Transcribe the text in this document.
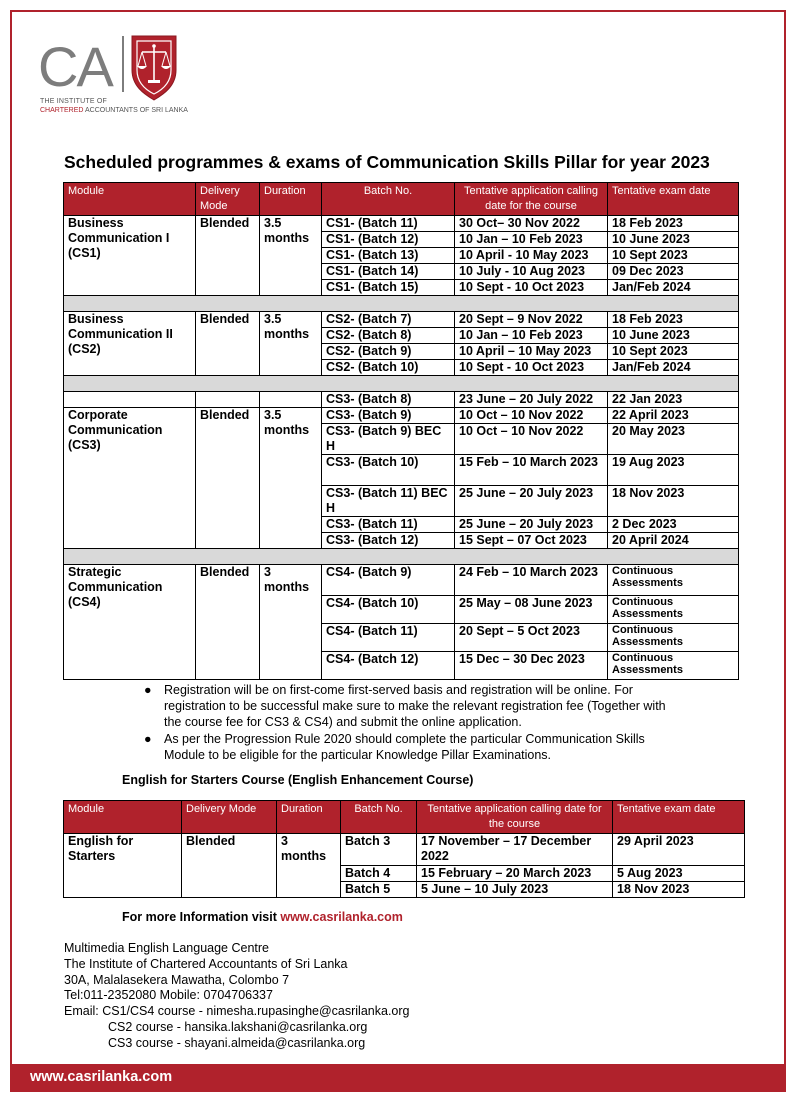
CA
THE INSTITUTE OF
CHARTERED ACCOUNTANTS OF SRI LANKA
Scheduled programmes & exams of Communication Skills Pillar for year 2023
Module	Delivery Mode	Duration	Batch No.	Tentative application calling date for the course	Tentative exam date
Business Communication I (CS1)	Blended	3.5 months	CS1- (Batch 11)	30 Oct– 30 Nov 2022	18 Feb 2023
			CS1- (Batch 12)	10 Jan – 10 Feb 2023	10 June 2023
			CS1- (Batch 13)	10 April - 10 May 2023	10 Sept 2023
			CS1- (Batch 14)	10 July - 10 Aug 2023	09 Dec 2023
			CS1- (Batch 15)	10 Sept - 10 Oct 2023	Jan/Feb 2024

Business Communication II (CS2)	Blended	3.5 months	CS2- (Batch 7)	20 Sept – 9 Nov 2022	18 Feb 2023
			CS2- (Batch 8)	10 Jan – 10 Feb 2023	10 June 2023
			CS2- (Batch 9)	10 April – 10 May 2023	10 Sept 2023
			CS2- (Batch 10)	10 Sept - 10 Oct 2023	Jan/Feb 2024

			CS3- (Batch 8)	23 June – 20 July 2022	22 Jan 2023
Corporate Communication (CS3)	Blended	3.5 months	CS3- (Batch 9)	10 Oct – 10 Nov 2022	22 April 2023
			CS3- (Batch 9) BEC H	10 Oct – 10 Nov 2022	20 May 2023
			CS3- (Batch 10)	15 Feb – 10 March 2023	19 Aug 2023
			CS3- (Batch 11) BEC H	25 June – 20 July 2023	18 Nov 2023
			CS3- (Batch 11)	25 June – 20 July 2023	2 Dec 2023
			CS3- (Batch 12)	15 Sept – 07 Oct 2023	20 April 2024

Strategic Communication (CS4)	Blended	3 months	CS4- (Batch 9)	24 Feb – 10 March 2023	Continuous Assessments
			CS4- (Batch 10)	25 May – 08 June 2023	Continuous Assessments
			CS4- (Batch 11)	20 Sept – 5 Oct 2023	Continuous Assessments
			CS4- (Batch 12)	15 Dec – 30 Dec 2023	Continuous Assessments
● Registration will be on first-come first-served basis and registration will be online. For registration to be successful make sure to make the relevant registration fee (Together with the course fee for CS3 & CS4) and submit the online application.
● As per the Progression Rule 2020 should complete the particular Communication Skills Module to be eligible for the particular Knowledge Pillar Examinations.
English for Starters Course (English Enhancement Course)
Module	Delivery Mode	Duration	Batch No.	Tentative application calling date for the course	Tentative exam date
English for Starters	Blended	3 months	Batch 3	17 November – 17 December 2022	29 April 2023
			Batch 4	15 February – 20 March 2023	5 Aug 2023
			Batch 5	5 June – 10 July 2023	18 Nov 2023
For more Information visit www.casrilanka.com
Multimedia English Language Centre
The Institute of Chartered Accountants of Sri Lanka
30A, Malalasekera Mawatha, Colombo 7
Tel:011-2352080 Mobile: 0704706337
Email: CS1/CS4 course - nimesha.rupasinghe@casrilanka.org
CS2 course - hansika.lakshani@casrilanka.org
CS3 course - shayani.almeida@casrilanka.org
www.casrilanka.com
